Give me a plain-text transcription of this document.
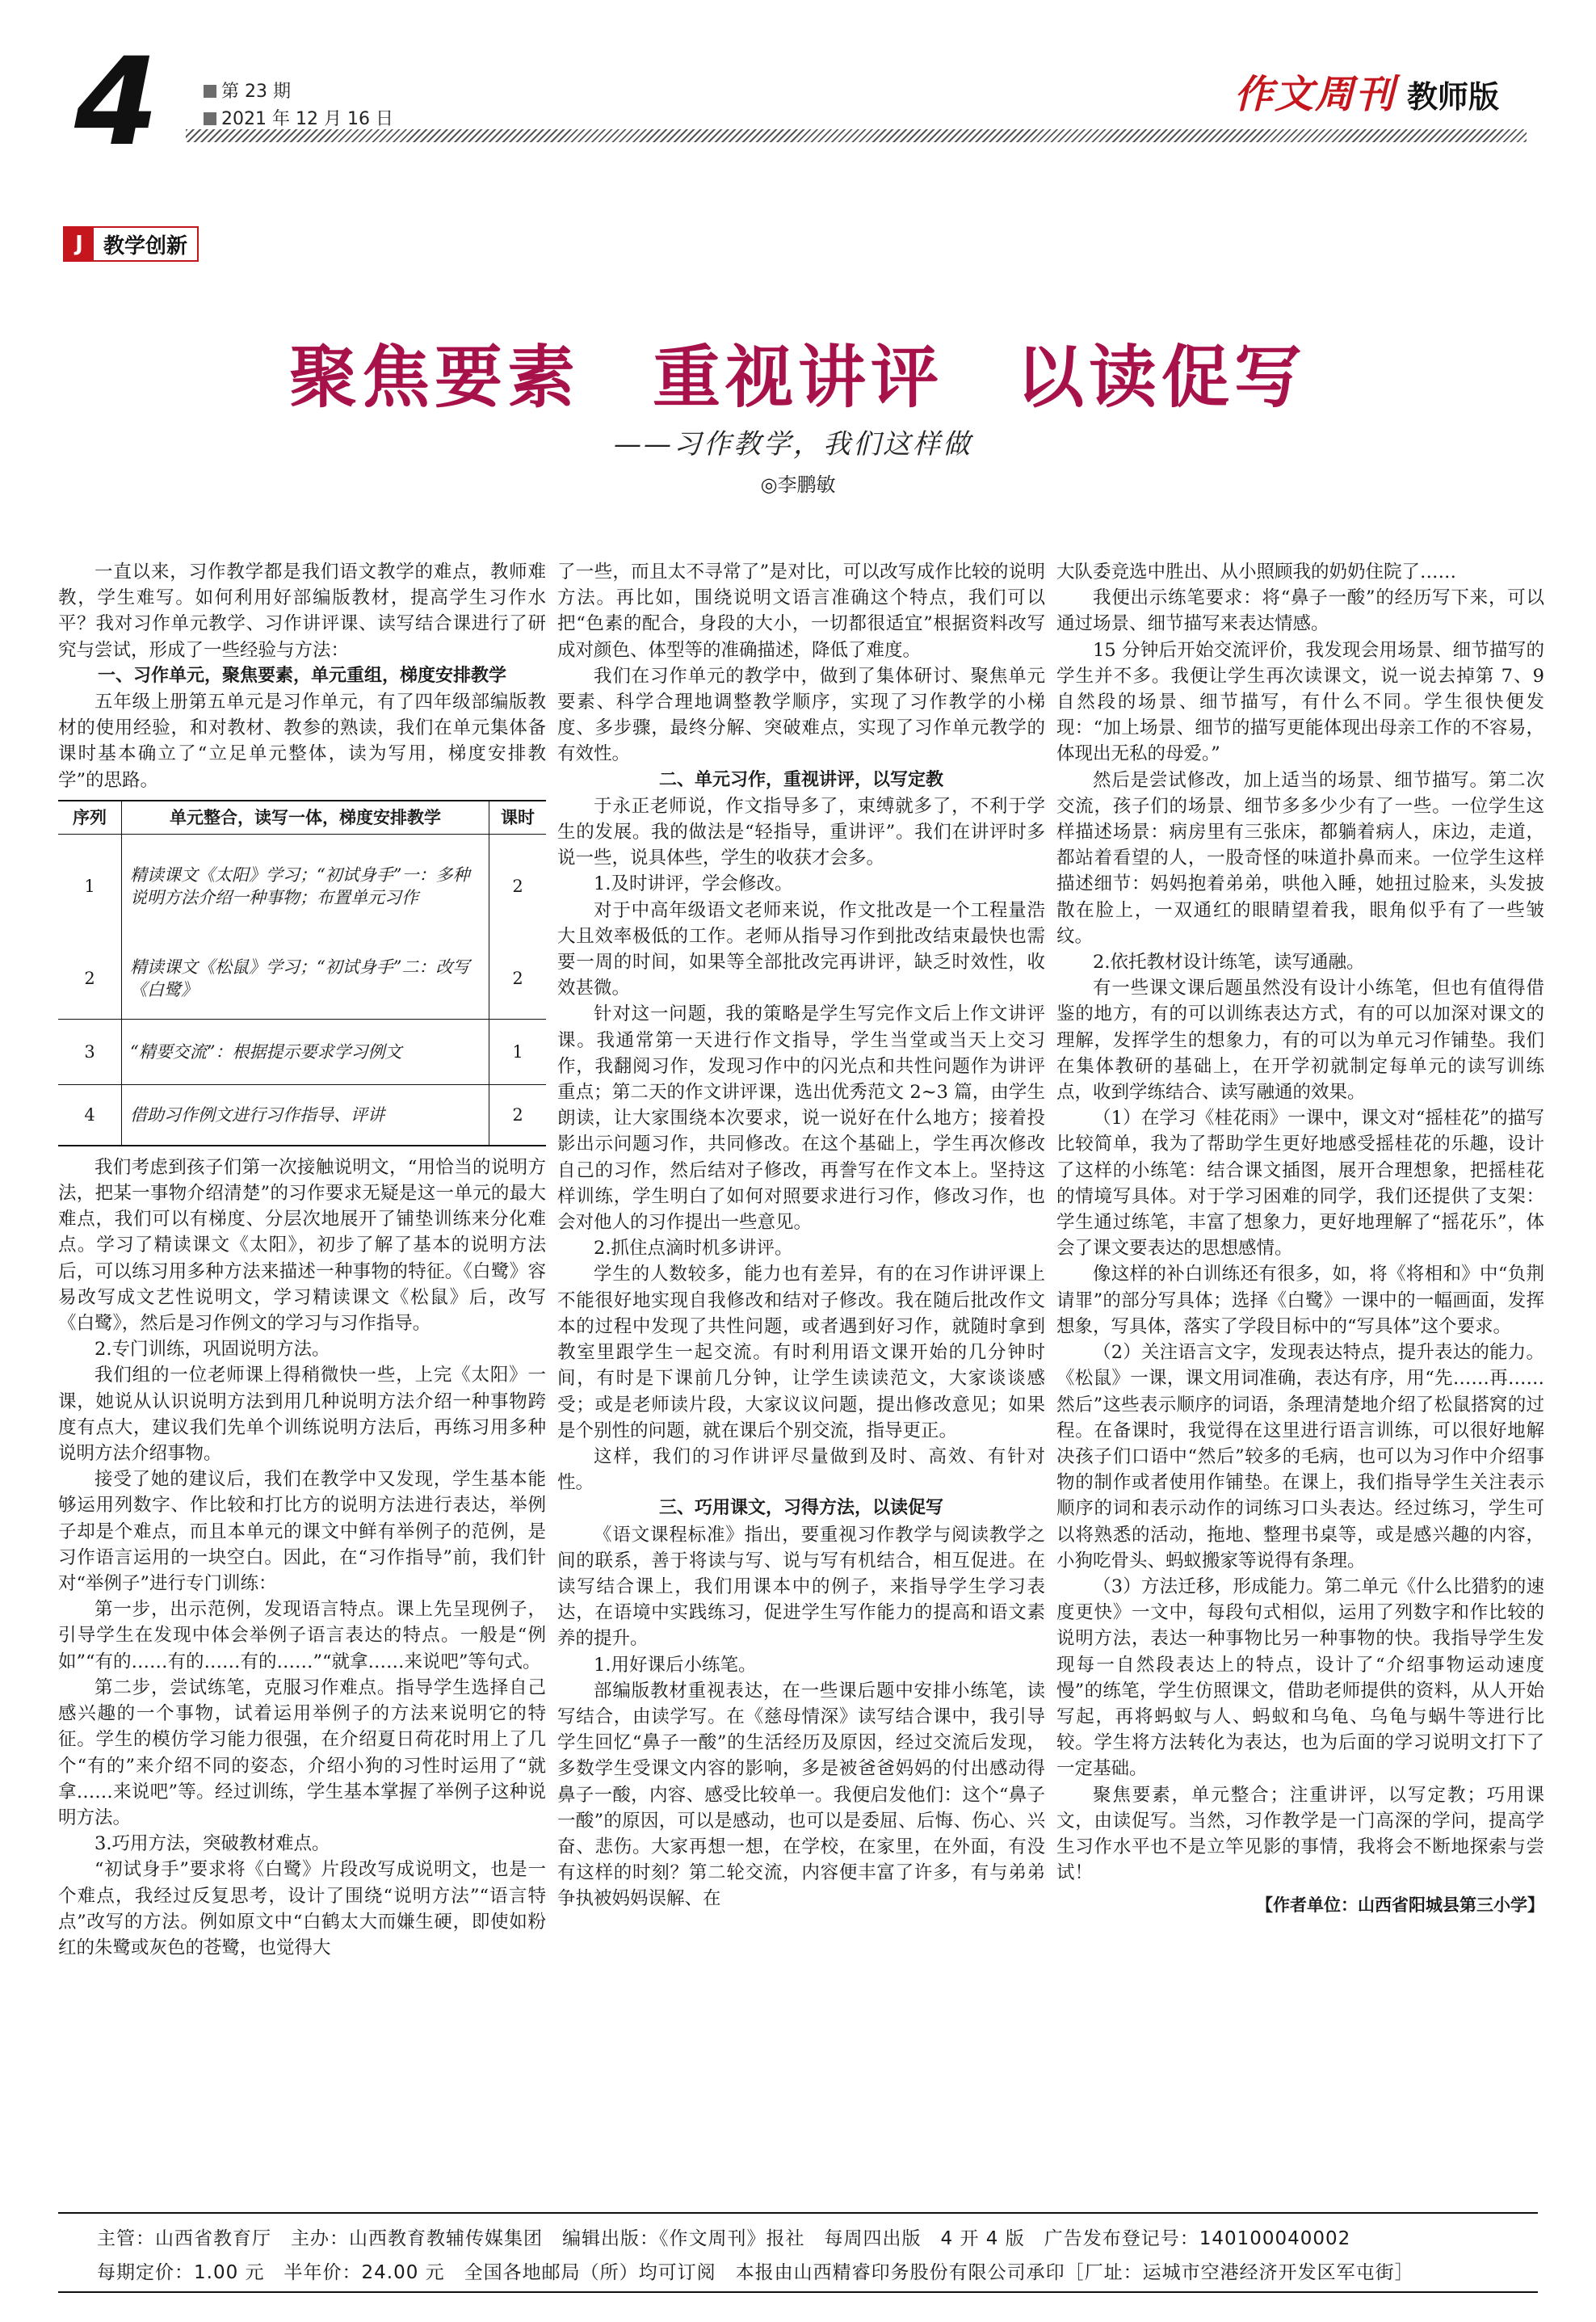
4	第 23 期
2021 年 12 月 16 日
作文周刊 教师版
J 教学创新
聚焦要素　重视讲评　以读促写
——习作教学，我们这样做
◎李鹏敏

一直以来，习作教学都是我们语文教学的难点，教师难教，学生难写。如何利用好部编版教材，提高学生习作水平？我对习作单元教学、习作讲评课、读写结合课进行了研究与尝试，形成了一些经验与方法：

一、习作单元，聚焦要素，单元重组，梯度安排教学

五年级上册第五单元是习作单元，有了四年级部编版教材的使用经验，和对教材、教参的熟读，我们在单元集体备课时基本确立了“立足单元整体，读为写用，梯度安排教学”的思路。

序列	单元整合，读写一体，梯度安排教学	课时
1	精读课文《太阳》学习；“初试身手”一：多种说明方法介绍一种事物；布置单元习作	2
2	精读课文《松鼠》学习；“初试身手”二：改写《白鹭》	2
3	“精要交流”：根据提示要求学习例文	1
4	借助习作例文进行习作指导、评讲	2

我们考虑到孩子们第一次接触说明文，“用恰当的说明方法，把某一事物介绍清楚”的习作要求无疑是这一单元的最大难点，我们可以有梯度、分层次地展开了铺垫训练来分化难点。学习了精读课文《太阳》，初步了解了基本的说明方法后，可以练习用多种方法来描述一种事物的特征。《白鹭》容易改写成文艺性说明文，学习精读课文《松鼠》后，改写《白鹭》，然后是习作例文的学习与习作指导。

2.专门训练，巩固说明方法。

我们组的一位老师课上得稍微快一些，上完《太阳》一课，她说从认识说明方法到用几种说明方法介绍一种事物跨度有点大，建议我们先单个训练说明方法后，再练习用多种说明方法介绍事物。

接受了她的建议后，我们在教学中又发现，学生基本能够运用列数字、作比较和打比方的说明方法进行表达，举例子却是个难点，而且本单元的课文中鲜有举例子的范例，是习作语言运用的一块空白。因此，在“习作指导”前，我们针对“举例子”进行专门训练：

第一步，出示范例，发现语言特点。课上先呈现例子，引导学生在发现中体会举例子语言表达的特点。一般是“例如”“有的……有的……有的……”“就拿……来说吧”等句式。

第二步，尝试练笔，克服习作难点。指导学生选择自己感兴趣的一个事物，试着运用举例子的方法来说明它的特征。学生的模仿学习能力很强，在介绍夏日荷花时用上了几个“有的”来介绍不同的姿态，介绍小狗的习性时运用了“就拿……来说吧”等。经过训练，学生基本掌握了举例子这种说明方法。

3.巧用方法，突破教材难点。

“初试身手”要求将《白鹭》片段改写成说明文，也是一个难点，我经过反复思考，设计了围绕“说明方法”“语言特点”改写的方法。例如原文中“白鹤太大而嫌生硬，即使如粉红的朱鹭或灰色的苍鹭，也觉得大

了一些，而且太不寻常了”是对比，可以改写成作比较的说明方法。再比如，围绕说明文语言准确这个特点，我们可以把“色素的配合，身段的大小，一切都很适宜”根据资料改写成对颜色、体型等的准确描述，降低了难度。

我们在习作单元的教学中，做到了集体研讨、聚焦单元要素、科学合理地调整教学顺序，实现了习作教学的小梯度、多步骤，最终分解、突破难点，实现了习作单元教学的有效性。

二、单元习作，重视讲评，以写定教

于永正老师说，作文指导多了，束缚就多了，不利于学生的发展。我的做法是“轻指导，重讲评”。我们在讲评时多说一些，说具体些，学生的收获才会多。

1.及时讲评，学会修改。

对于中高年级语文老师来说，作文批改是一个工程量浩大且效率极低的工作。老师从指导习作到批改结束最快也需要一周的时间，如果等全部批改完再讲评，缺乏时效性，收效甚微。

针对这一问题，我的策略是学生写完作文后上作文讲评课。我通常第一天进行作文指导，学生当堂或当天上交习作，我翻阅习作，发现习作中的闪光点和共性问题作为讲评重点；第二天的作文讲评课，选出优秀范文 2~3 篇，由学生朗读，让大家围绕本次要求，说一说好在什么地方；接着投影出示问题习作，共同修改。在这个基础上，学生再次修改自己的习作，然后结对子修改，再誊写在作文本上。坚持这样训练，学生明白了如何对照要求进行习作，修改习作，也会对他人的习作提出一些意见。

2.抓住点滴时机多讲评。

学生的人数较多，能力也有差异，有的在习作讲评课上不能很好地实现自我修改和结对子修改。我在随后批改作文本的过程中发现了共性问题，或者遇到好习作，就随时拿到教室里跟学生一起交流。有时利用语文课开始的几分钟时间，有时是下课前几分钟，让学生读读范文，大家谈谈感受；或是老师读片段，大家议议问题，提出修改意见；如果是个别性的问题，就在课后个别交流，指导更正。

这样，我们的习作讲评尽量做到及时、高效、有针对性。

三、巧用课文，习得方法，以读促写

《语文课程标准》指出，要重视习作教学与阅读教学之间的联系，善于将读与写、说与写有机结合，相互促进。在读写结合课上，我们用课本中的例子，来指导学生学习表达，在语境中实践练习，促进学生写作能力的提高和语文素养的提升。

1.用好课后小练笔。

部编版教材重视表达，在一些课后题中安排小练笔，读写结合，由读学写。在《慈母情深》读写结合课中，我引导学生回忆“鼻子一酸”的生活经历及原因，经过交流后发现，多数学生受课文内容的影响，多是被爸爸妈妈的付出感动得鼻子一酸，内容、感受比较单一。我便启发他们：这个“鼻子一酸”的原因，可以是感动，也可以是委屈、后悔、伤心、兴奋、悲伤。大家再想一想，在学校，在家里，在外面，有没有这样的时刻？第二轮交流，内容便丰富了许多，有与弟弟争执被妈妈误解、在

大队委竞选中胜出、从小照顾我的奶奶住院了……

我便出示练笔要求：将“鼻子一酸”的经历写下来，可以通过场景、细节描写来表达情感。

15 分钟后开始交流评价，我发现会用场景、细节描写的学生并不多。我便让学生再次读课文，说一说去掉第 7、9 自然段的场景、细节描写，有什么不同。学生很快便发现：“加上场景、细节的描写更能体现出母亲工作的不容易，体现出无私的母爱。”

然后是尝试修改，加上适当的场景、细节描写。第二次交流，孩子们的场景、细节多多少少有了一些。一位学生这样描述场景：病房里有三张床，都躺着病人，床边，走道，都站着看望的人，一股奇怪的味道扑鼻而来。一位学生这样描述细节：妈妈抱着弟弟，哄他入睡，她扭过脸来，头发披散在脸上，一双通红的眼睛望着我，眼角似乎有了一些皱纹。

2.依托教材设计练笔，读写通融。

有一些课文课后题虽然没有设计小练笔，但也有值得借鉴的地方，有的可以训练表达方式，有的可以加深对课文的理解，发挥学生的想象力，有的可以为单元习作铺垫。我们在集体教研的基础上，在开学初就制定每单元的读写训练点，收到学练结合、读写融通的效果。

（1）在学习《桂花雨》一课中，课文对“摇桂花”的描写比较简单，我为了帮助学生更好地感受摇桂花的乐趣，设计了这样的小练笔：结合课文插图，展开合理想象，把摇桂花的情境写具体。对于学习困难的同学，我们还提供了支架：学生通过练笔，丰富了想象力，更好地理解了“摇花乐”，体会了课文要表达的思想感情。

像这样的补白训练还有很多，如，将《将相和》中“负荆请罪”的部分写具体；选择《白鹭》一课中的一幅画面，发挥想象，写具体，落实了学段目标中的“写具体”这个要求。

（2）关注语言文字，发现表达特点，提升表达的能力。《松鼠》一课，课文用词准确，表达有序，用“先……再……然后”这些表示顺序的词语，条理清楚地介绍了松鼠搭窝的过程。在备课时，我觉得在这里进行语言训练，可以很好地解决孩子们口语中“然后”较多的毛病，也可以为习作中介绍事物的制作或者使用作铺垫。在课上，我们指导学生关注表示顺序的词和表示动作的词练习口头表达。经过练习，学生可以将熟悉的活动，拖地、整理书桌等，或是感兴趣的内容，小狗吃骨头、蚂蚁搬家等说得有条理。

（3）方法迁移，形成能力。第二单元《什么比猎豹的速度更快》一文中，每段句式相似，运用了列数字和作比较的说明方法，表达一种事物比另一种事物的快。我指导学生发现每一自然段表达上的特点，设计了“介绍事物运动速度慢”的练笔，学生仿照课文，借助老师提供的资料，从人开始写起，再将蚂蚁与人、蚂蚁和乌龟、乌龟与蜗牛等进行比较。学生将方法转化为表达，也为后面的学习说明文打下了一定基础。

聚焦要素，单元整合；注重讲评，以写定教；巧用课文，由读促写。当然，习作教学是一门高深的学问，提高学生习作水平也不是立竿见影的事情，我将会不断地探索与尝试！

【作者单位：山西省阳城县第三小学】

主管：山西省教育厅　主办：山西教育教辅传媒集团　编辑出版：《作文周刊》报社　每周四出版　4 开 4 版　广告发布登记号：140100040002
每期定价：1.00 元　半年价：24.00 元　全国各地邮局（所）均可订阅　本报由山西精睿印务股份有限公司承印［厂址：运城市空港经济开发区军屯街］
